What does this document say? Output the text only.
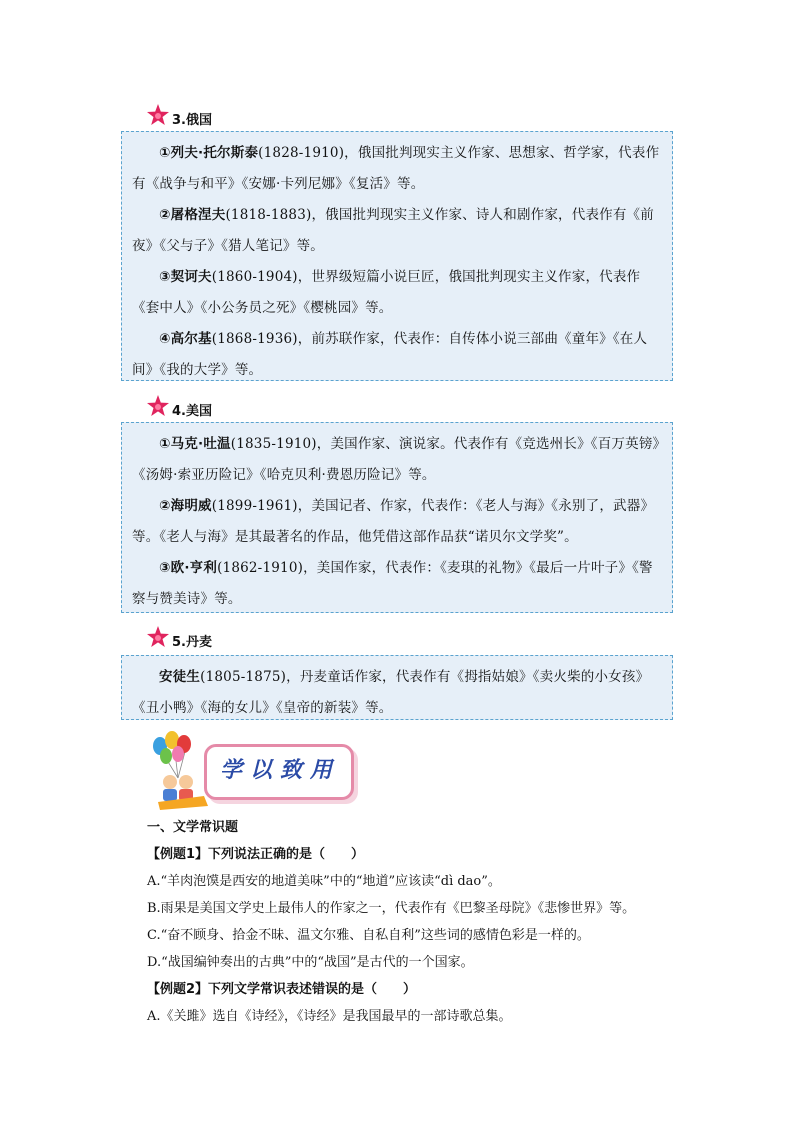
3.俄国

①列夫·托尔斯泰(1828-1910)，俄国批判现实主义作家、思想家、哲学家，代表作有《战争与和平》《安娜·卡列尼娜》《复活》等。

②屠格涅夫(1818-1883)，俄国批判现实主义作家、诗人和剧作家，代表作有《前夜》《父与子》《猎人笔记》等。

③契诃夫(1860-1904)，世界级短篇小说巨匠，俄国批判现实主义作家，代表作《套中人》《小公务员之死》《樱桃园》等。

④高尔基(1868-1936)，前苏联作家，代表作：自传体小说三部曲《童年》《在人间》《我的大学》等。

4.美国

①马克·吐温(1835-1910)，美国作家、演说家。代表作有《竞选州长》《百万英镑》《汤姆·索亚历险记》《哈克贝利·费恩历险记》等。

②海明威(1899-1961)，美国记者、作家，代表作：《老人与海》《永别了，武器》等。《老人与海》是其最著名的作品，他凭借这部作品获“诺贝尔文学奖”。

③欧·亨利(1862-1910)，美国作家，代表作：《麦琪的礼物》《最后一片叶子》《警察与赞美诗》等。

5.丹麦

安徒生(1805-1875)，丹麦童话作家，代表作有《拇指姑娘》《卖火柴的小女孩》《丑小鸭》《海的女儿》《皇帝的新装》等。

学以致用

一、文学常识题

【例题1】下列说法正确的是（　　）

A.“羊肉泡馍是西安的地道美味”中的“地道”应该读“dì dao”。

B.雨果是美国文学史上最伟人的作家之一，代表作有《巴黎圣母院》《悲惨世界》等。

C.“奋不顾身、拾金不昧、温文尔雅、自私自利”这些词的感情色彩是一样的。

D.“战国编钟奏出的古典”中的“战国”是古代的一个国家。

【例题2】下列文学常识表述错误的是（　　）

A.《关雎》选自《诗经》，《诗经》是我国最早的一部诗歌总集。
